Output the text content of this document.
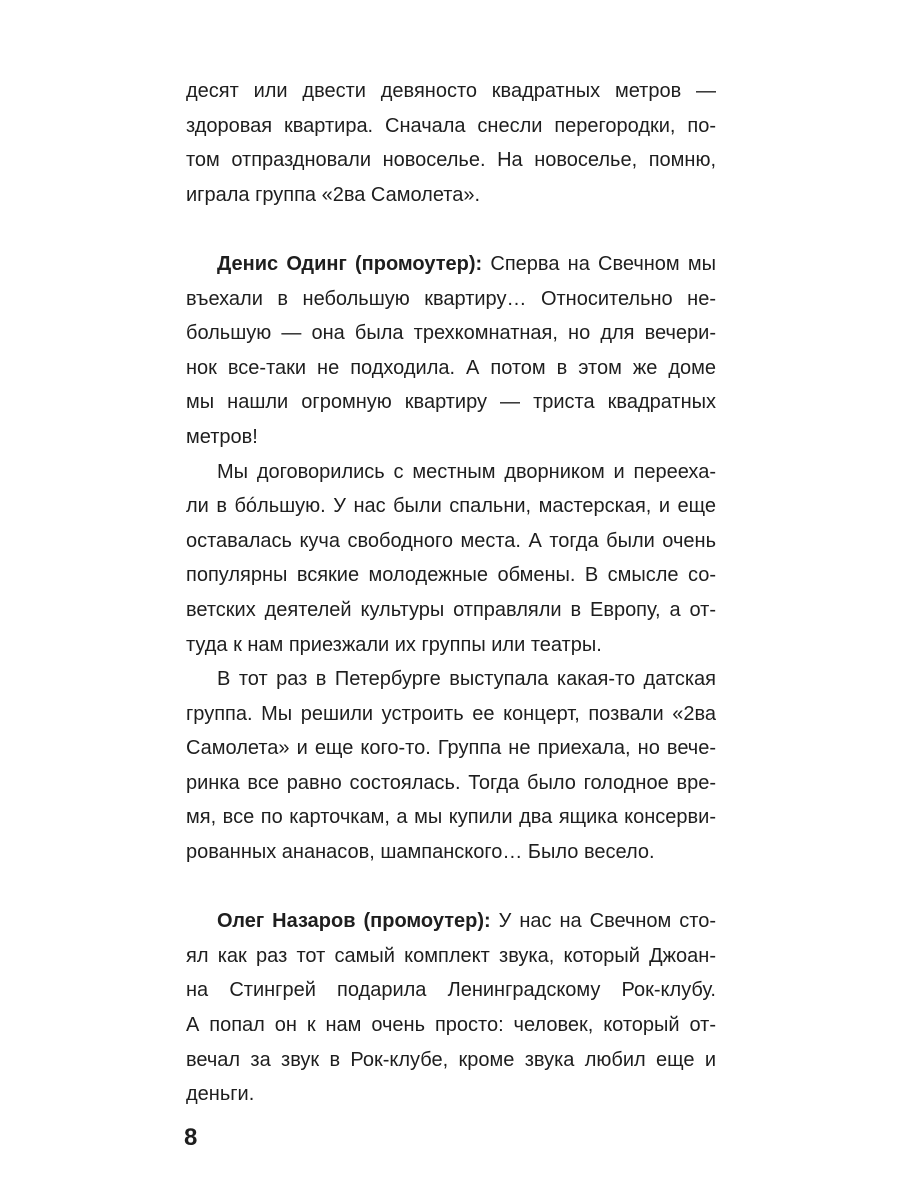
десят или двести девяносто квадратных метров —
здоровая квартира. Сначала снесли перегородки, по-
том отпраздновали новоселье. На новоселье, помню,
играла группа «2ва Самолета».
Денис Одинг (промоутер): Сперва на Свечном мы
въехали в небольшую квартиру… Относительно не-
большую — она была трехкомнатная, но для вечери-
нок все-таки не подходила. А потом в этом же доме
мы нашли огромную квартиру — триста квадратных
метров!
Мы договорились с местным дворником и перееха-
ли в бóльшую. У нас были спальни, мастерская, и еще
оставалась куча свободного места. А тогда были очень
популярны всякие молодежные обмены. В смысле со-
ветских деятелей культуры отправляли в Европу, а от-
туда к нам приезжали их группы или театры.
В тот раз в Петербурге выступала какая-то датская
группа. Мы решили устроить ее концерт, позвали «2ва
Самолета» и еще кого-то. Группа не приехала, но вече-
ринка все равно состоялась. Тогда было голодное вре-
мя, все по карточкам, а мы купили два ящика консерви-
рованных ананасов, шампанского… Было весело.
Олег Назаров (промоутер): У нас на Свечном сто-
ял как раз тот самый комплект звука, который Джоан-
на Стингрей подарила Ленинградскому Рок-клубу.
А попал он к нам очень просто: человек, который от-
вечал за звук в Рок-клубе, кроме звука любил еще и
деньги.
8
